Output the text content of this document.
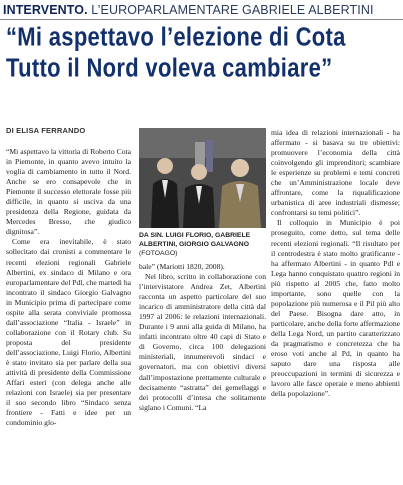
INTERVENTO. L’EUROPARLAMENTARE GABRIELE ALBERTINI
“Mi aspettavo l’elezione di Cota
Tutto il Nord voleva cambiare”
DI ELISA FERRANDO

“Mi aspettavo la vittoria di Roberto Cota in Piemonte, in quanto avevo intuito la voglia di cambiamento in tutto il Nord. Anche se ero consapevole che in Piemonte il successo elettorale fosse più difficile, in quanto si usciva da una presidenza della Regione, guidata da Mercedes Bresso, che giudico dignitosa”.

Come era inevitabile, è stato sollecitato dai cronisti a commentare le recenti elezioni regionali Gabriele Albertini, ex sindaco di Milano e ora europarlamentare del Pdl, che martedì ha incontrato il sindaco Giorgio Galvagno in Municipio prima di partecipare come ospite alla serata conviviale promossa dall’associazione “Italia - Israele” in collaborazione con il Rotary club. Su proposta del presidente dell’associazione, Luigi Florio, Albertini è stato invitato sia per parlare della sua attività di presidente della Commissione Affari esteri (con delega anche alle relazioni con Israele) sia per presentare il suo secondo libro “Sindaco senza frontiere - Fatti e idee per un condominio glo-

DA SIN. LUIGI FLORIO, GABRIELE ALBERTINI, GIORGIO GALVAGNO (FOTOAGO)

bale” (Mariotti 1820, 2008).

Nel libro, scritto in collaborazione con l’intervistatore Andrea Zet, Albertini racconta un aspetto particolare del suo incarico di amministratore della città dal 1997 al 2006: le relazioni internazionali. Durante i 9 anni alla guida di Milano, ha infatti incontrato oltre 40 capi di Stato e di Governo, circa 100 delegazioni ministeriali, innumerevoli sindaci e governatori, ma con obiettivi diversi dall’impostazione prettamente culturale e decisamente “astratta” dei gemellaggi e dei protocolli d’intesa che solitamente siglano i Comuni. “La

mia idea di relazioni internazionali - ha affermato - si basava su tre obiettivi: promuovere l’economia della città coinvolgendo gli imprenditori; scambiare le esperienze su problemi e temi concreti che un’Amministrazione locale deve affrontare, come la riqualificazione urbanistica di aree industriali dismesse; confrontarsi su temi politici”.

Il colloquio in Municipio è poi proseguito, come detto, sul tema delle recenti elezioni regionali. “Il risultato per il centrodestra è stato molto gratificante - ha affermato Albertini - in quanto Pdl e Lega hanno conquistato quattro regioni in più rispetto al 2005 che, fatto molto importante, sono quelle con la popolazione più numerosa e il Pil più alto del Paese. Bisogna dare atto, in particolare, anche della forte affermazione della Lega Nord, un partito caratterizzato da pragmatismo e concretezza che ha eroso voti anche al Pd, in quanto ha saputo dare una risposta alle preoccupazioni in termini di sicurezza e lavoro alle fasce operaie e meno abbienti della popolazione”.
